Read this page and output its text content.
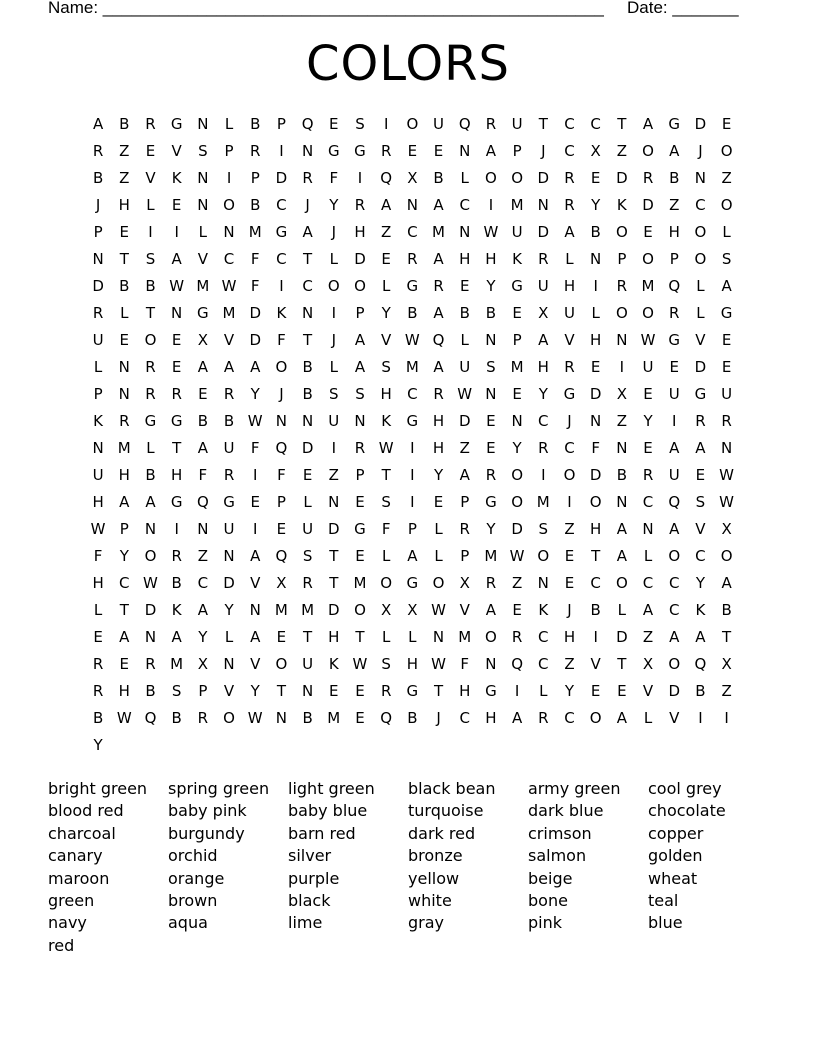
Name: _____________________________________________________ Date: _______
COLORS
A	B	R	G N	L	B	P	Q	E	S	I	O U Q	R	U	T	C	C	T	A	G D	E
R	Z	E	V	S	P	R	I	N G G	R	E	E	N	A	P	J	C	X	Z	O	A	J	O
B	Z	V	K	N	I	P	D	R	F	I	Q	X	B	L	O O D	R	E	D	R	B	N	Z
J	H	L	E	N O	B	C	J	Y	R	A	N	A	C	I	M N	R	Y	K	D	Z	C	O
P	E	I	I	L	N M G	A	J	H	Z	C M N W U D	A	B	O	E	H O	L
N	T	S	A	V	C	F	C	T	L	D	E	R	A	H H	K	R	L	N	P	O	P	O	S
D	B	B W M W F	I	C	O O	L	G	R	E	Y	G U	H	I	R M Q	L	A
R	L	T	N G M D	K	N	I	P	Y	B	A	B	B	E	X	U	L	O O	R	L	G
U	E	O	E	X	V	D	F	T	J	A	V W Q	L	N	P	A	V	H N W G	V	E
L	N	R	E	A	A	A	O	B	L	A	S M A	U	S M H	R	E	I	U	E	D	E
P	N	R	R	E	R	Y	J	B	S	S	H	C	R W N	E	Y	G D	X	E	U G U
K	R	G G	B	B W N N	U	N	K	G H D	E	N	C	J	N	Z	Y	I	R	R
N M	L	T	A	U	F	Q D	I	R W	I	H	Z	E	Y	R	C	F	N	E	A	A	N
U	H	B	H	F	R	I	F	E	Z	P	T	I	Y	A	R	O	I	O D	B	R	U	E W
H	A	A	G Q G	E	P	L	N	E	S	I	E	P	G O M	I	O N	C	Q	S W
W P	N	I	N	U	I	E	U D G	F	P	L	R	Y	D	S	Z	H	A	N	A	V	X
F	Y	O	R	Z	N	A	Q	S	T	E	L	A	L	P	M W O	E	T	A	L	O	C	O
H	C W B	C	D	V	X	R	T	M O G O	X	R	Z	N	E	C	O	C	C	Y	A
L	T	D	K	A	Y	N M M D O	X	X W V	A	E	K	J	B	L	A	C	K	B
E	A	N	A	Y	L	A	E	T	H	T	L	L	N M O	R	C	H	I	D	Z	A	A	T
R	E	R M X	N	V	O U	K W S	H W F	N Q	C	Z	V	T	X	O Q	X
R	H	B	S	P	V	Y	T	N	E	E	R	G	T	H G	I	L	Y	E	E	V	D	B	Z
B W Q	B	R	O W N	B M E	Q	B	J	C	H	A	R	C	O	A	L	V	I	I
Y
bright green	spring green	light green	black bean	army green	cool grey
blood red	baby pink	baby blue	turquoise	dark blue	chocolate
charcoal	burgundy	barn red	dark red	crimson	copper
canary	orchid	silver	bronze	salmon	golden
maroon	orange	purple	yellow	beige	wheat
green	brown	black	white	bone	teal
navy	aqua	lime	gray	pink	blue
red
